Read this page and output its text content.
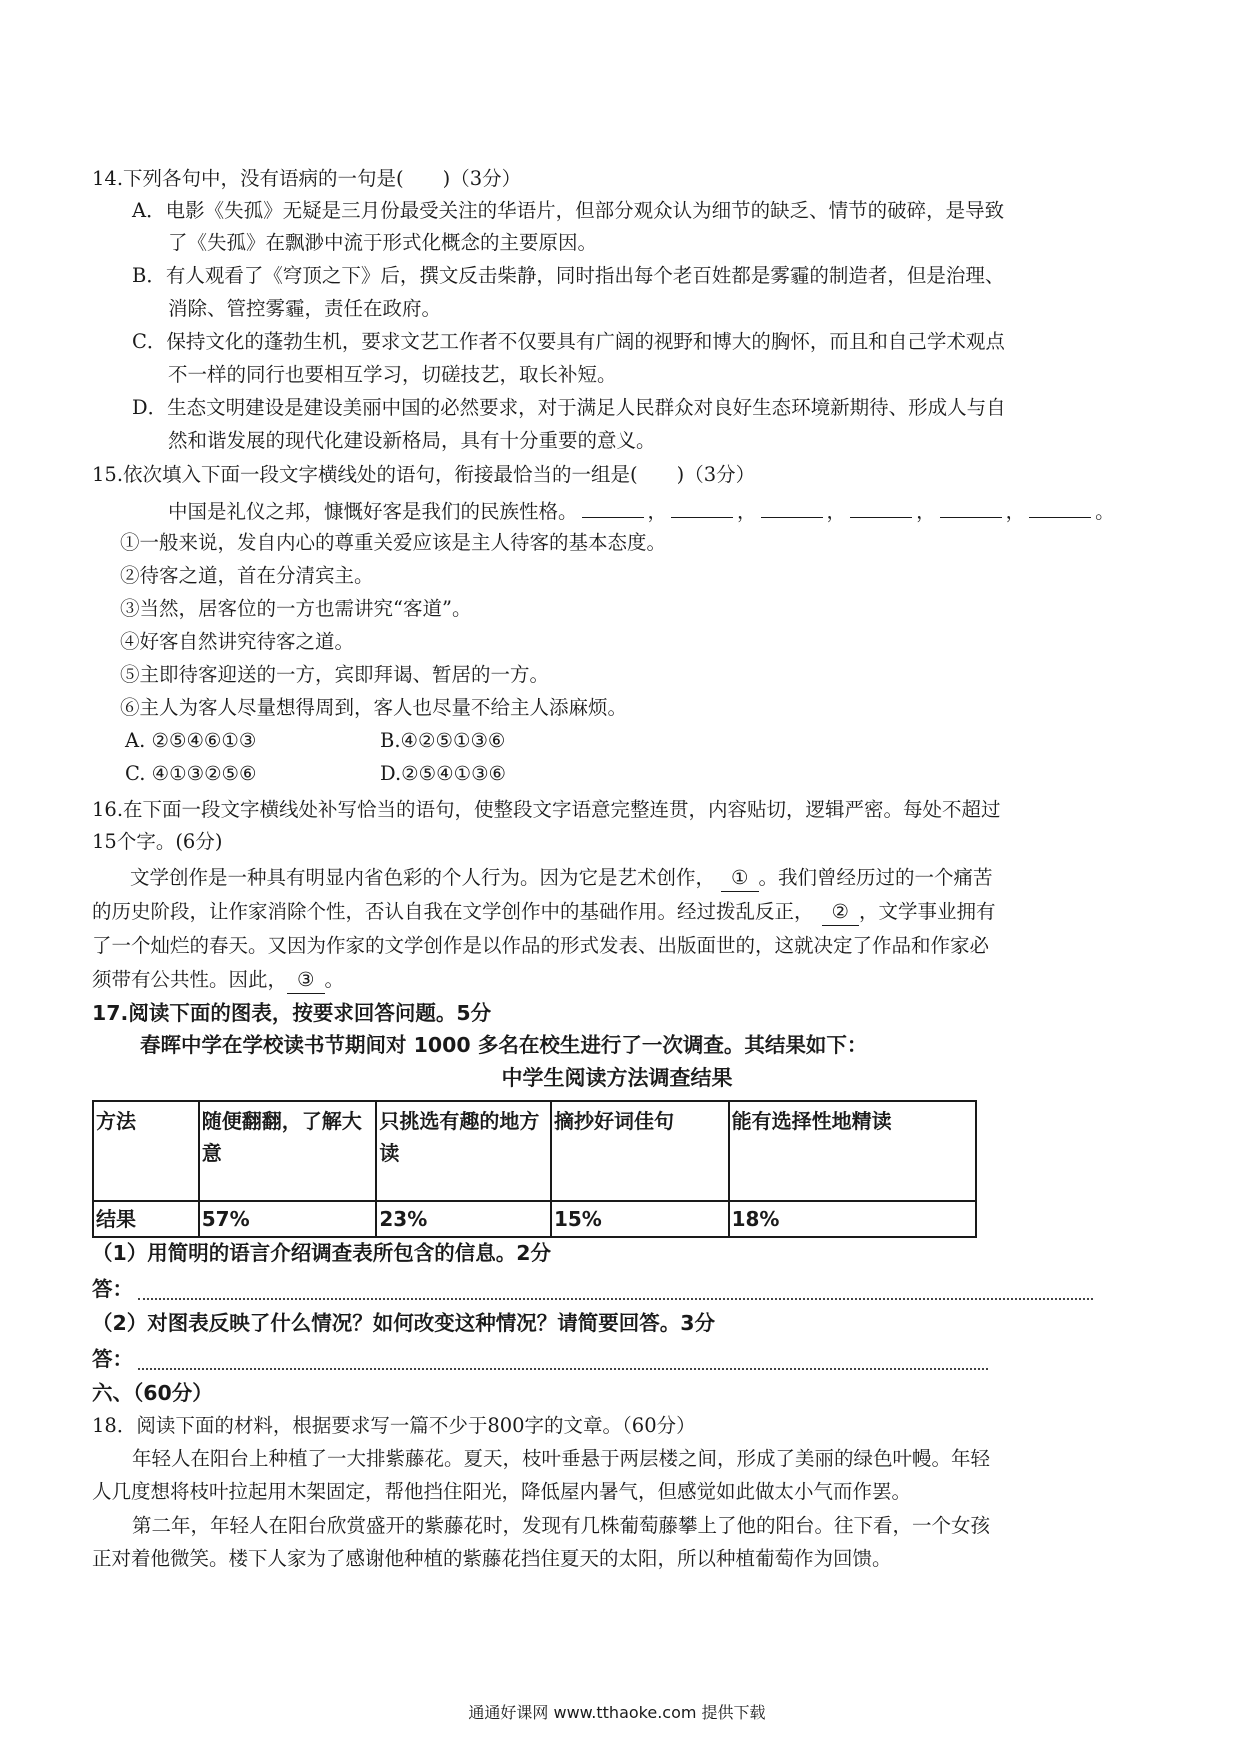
14.下列各句中，没有语病的一句是(　　)（3分）
A．电影《失孤》无疑是三月份最受关注的华语片，但部分观众认为细节的缺乏、情节的破碎，是导致
了《失孤》在飘渺中流于形式化概念的主要原因。
B．有人观看了《穹顶之下》后，撰文反击柴静，同时指出每个老百姓都是雾霾的制造者，但是治理、
消除、管控雾霾，责任在政府。
C．保持文化的蓬勃生机，要求文艺工作者不仅要具有广阔的视野和博大的胸怀，而且和自己学术观点
不一样的同行也要相互学习，切磋技艺，取长补短。
D．生态文明建设是建设美丽中国的必然要求，对于满足人民群众对良好生态环境新期待、形成人与自
然和谐发展的现代化建设新格局，具有十分重要的意义。
15.依次填入下面一段文字横线处的语句，衔接最恰当的一组是(　　)（3分）
中国是礼仪之邦，慷慨好客是我们的民族性格。	，	，	，	，	，	。
①一般来说，发自内心的尊重关爱应该是主人待客的基本态度。
②待客之道，首在分清宾主。
③当然，居客位的一方也需讲究“客道”。
④好客自然讲究待客之道。
⑤主即待客迎送的一方，宾即拜谒、暂居的一方。
⑥主人为客人尽量想得周到，客人也尽量不给主人添麻烦。
A. ②⑤④⑥①③	B.④②⑤①③⑥
C. ④①③②⑤⑥	D.②⑤④①③⑥
16.在下面一段文字横线处补写恰当的语句，使整段文字语意完整连贯，内容贴切，逻辑严密。每处不超过
15个字。(6分)
文学创作是一种具有明显内省色彩的个人行为。因为它是艺术创作， ① 。我们曾经历过的一个痛苦
的历史阶段，让作家消除个性，否认自我在文学创作中的基础作用。经过拨乱反正， ② ，文学事业拥有
了一个灿烂的春天。又因为作家的文学创作是以作品的形式发表、出版面世的，这就决定了作品和作家必
须带有公共性。因此， ③ 。
17.阅读下面的图表，按要求回答问题。5分
春晖中学在学校读书节期间对 1000 多名在校生进行了一次调查。其结果如下：
中学生阅读方法调查结果
方法	随便翻翻，了解大意	只挑选有趣的地方读	摘抄好词佳句	能有选择性地精读
结果	57%	23%	15%	18%
（1）用简明的语言介绍调查表所包含的信息。2分
答：
（2）对图表反映了什么情况？如何改变这种情况？请简要回答。3分
答：
六、（60分）
18．阅读下面的材料，根据要求写一篇不少于800字的文章。（60分）
年轻人在阳台上种植了一大排紫藤花。夏天，枝叶垂悬于两层楼之间，形成了美丽的绿色叶幔。年轻
人几度想将枝叶拉起用木架固定，帮他挡住阳光，降低屋内暑气，但感觉如此做太小气而作罢。
第二年，年轻人在阳台欣赏盛开的紫藤花时，发现有几株葡萄藤攀上了他的阳台。往下看，一个女孩
正对着他微笑。楼下人家为了感谢他种植的紫藤花挡住夏天的太阳，所以种植葡萄作为回馈。
通通好课网 www.tthaoke.com 提供下载
